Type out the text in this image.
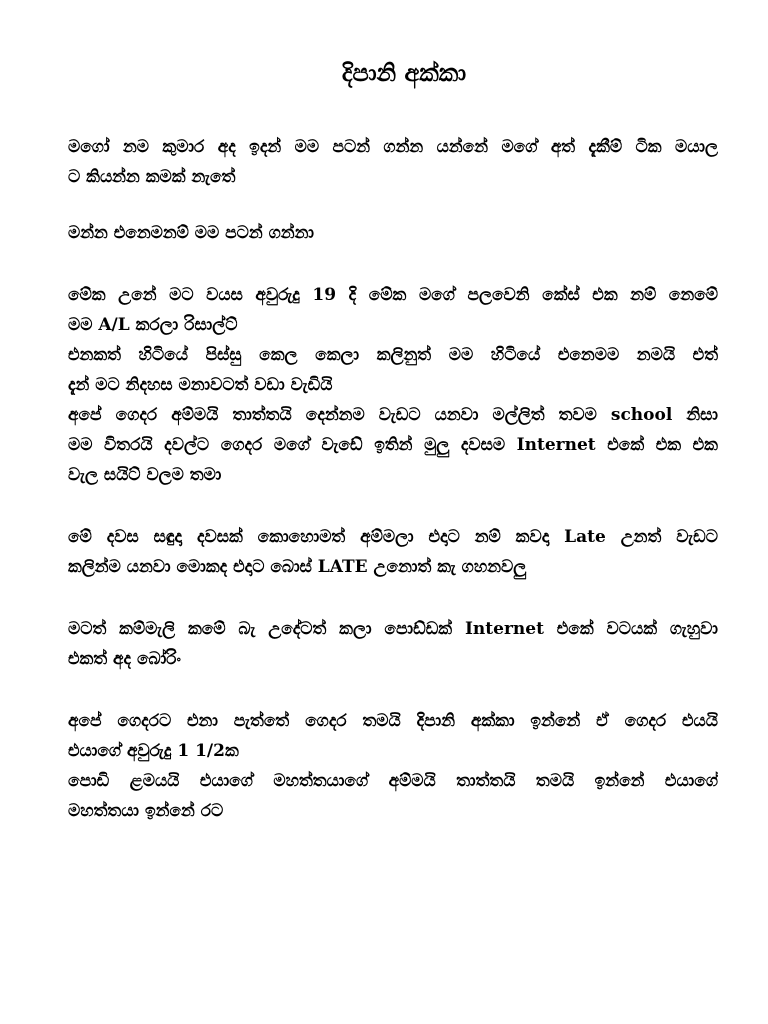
දිපානි අක්කා
මගෝ නම කුමාර අද ඉදන් මම පටන් ගන්න යන්නේ මගේ අත් දැකීම් ටික මයාල
ට කියන්න කමක් නැතේ
මන්න එනෙමනම් මම පටන් ගන්නා
මේක උනේ මට වයස අවුරුදු 19 දි මේක මගේ පලවෙනි කේස් එක නම් නෙමේ
මම A/L කරලා රිසාල්ට්
එනකත් හිටියේ පිස්සු කෙල කෙලා කලිනුත් මම හිටියේ එනෙමම නමයි එත්
දැන් මට නිදහස මනාවටත් වඩා වැඩියි
අපේ ගෙදර අම්මයි තාත්තයි දෙන්නම වැඩට යනවා මල්ලිත් තවම school නිසා
මම විතරයි දවල්ට ගෙදර මගේ වැඩේ ඉතින් මුලු දවසම Internet එකේ එක එක
වැල සයිට් වලම තමා
මේ දවස සඳුදා දවසක් කොහොමත් අම්මලා එදාට නම් කවදා Late උනත් වැඩට
කලින්ම යනවා මොකද එදාට බොස් LATE උනොත් කැ ගහනවලු
මටත් කම්මැලි කමේ බැ උදේටත් කලා පොඩ්ඩක් Internet එකේ වටයක් ගැහුවා
එකත් අද බෝරිං
අපේ ගෙදරට එනා පැත්තේ ගෙදර තමයි දිපානි අක්කා ඉන්නේ ඒ ගෙදර එයයි
එයාගේ අවුරුදු 1 1/2ක
පොඩි ළමයයි එයාගේ මහත්තයාගේ අම්මයි තාත්තයි තමයි ඉන්නේ එයාගේ
මහත්තයා ඉන්නේ රට
